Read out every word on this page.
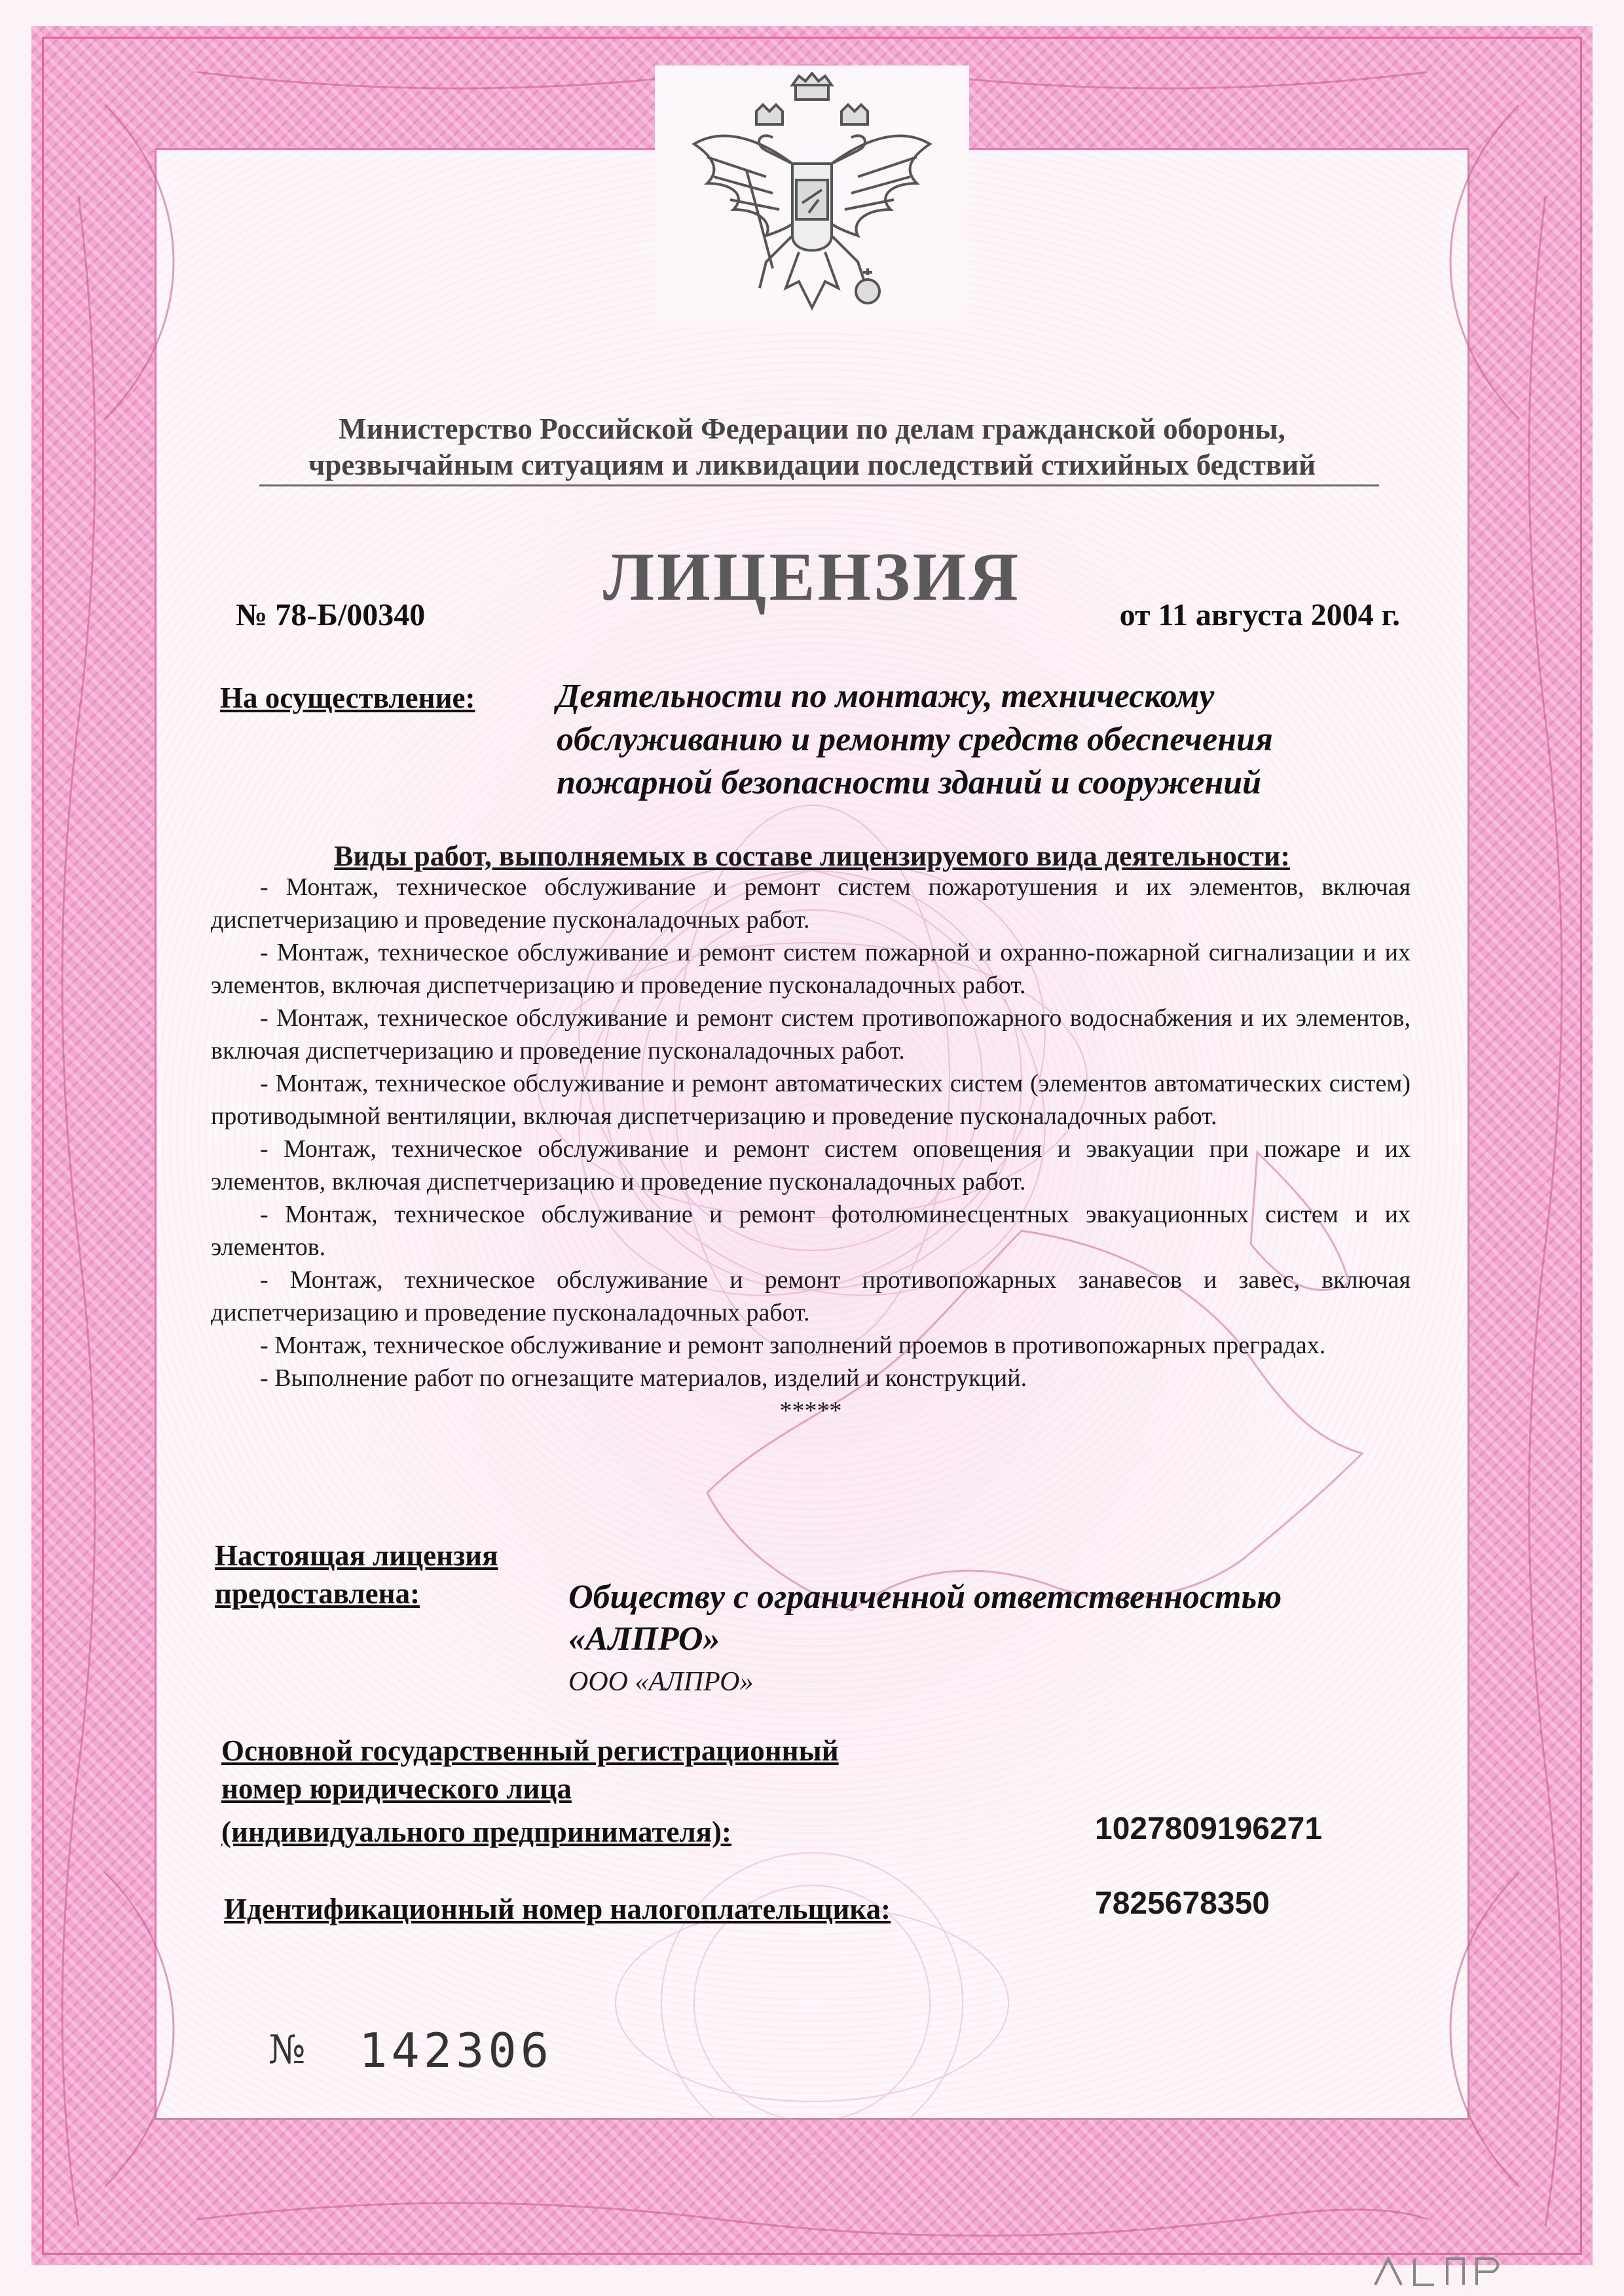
Министерство Российской Федерации по делам гражданской обороны,
чрезвычайным ситуациям и ликвидации последствий стихийных бедствий
ЛИЦЕНЗИЯ
№ 78-Б/00340	от 11 августа 2004 г.
На осуществление: Деятельности по монтажу, техническому
обслуживанию и ремонту средств обеспечения
пожарной безопасности зданий и сооружений
Виды работ, выполняемых в составе лицензируемого вида деятельности:

- Монтаж, техническое обслуживание и ремонт систем пожаротушения и их элементов, включая диспетчеризацию и проведение пусконаладочных работ.

- Монтаж, техническое обслуживание и ремонт систем пожарной и охранно-пожарной сигнализации и их элементов, включая диспетчеризацию и проведение пусконаладочных работ.

- Монтаж, техническое обслуживание и ремонт систем противопожарного водоснабжения и их элементов, включая диспетчеризацию и проведение пусконаладочных работ.

- Монтаж, техническое обслуживание и ремонт автоматических систем (элементов автоматических систем) противодымной вентиляции, включая диспетчеризацию и проведение пусконаладочных работ.

- Монтаж, техническое обслуживание и ремонт систем оповещения и эвакуации при пожаре и их элементов, включая диспетчеризацию и проведение пусконаладочных работ.

- Монтаж, техническое обслуживание и ремонт фотолюминесцентных эвакуационных систем и их элементов.

- Монтаж, техническое обслуживание и ремонт противопожарных занавесов и завес, включая диспетчеризацию и проведение пусконаладочных работ.

- Монтаж, техническое обслуживание и ремонт заполнений проемов в противопожарных преградах.

- Выполнение работ по огнезащите материалов, изделий и конструкций.

*****

Настоящая лицензия
предоставлена:	Обществу с ограниченной ответственностью
«АЛПРО»
ООО «АЛПРО»
Основной государственный регистрационный
номер юридического лица
(индивидуального предпринимателя):	1027809196271
Идентификационный номер налогоплательщика:	7825678350
№ 142306
